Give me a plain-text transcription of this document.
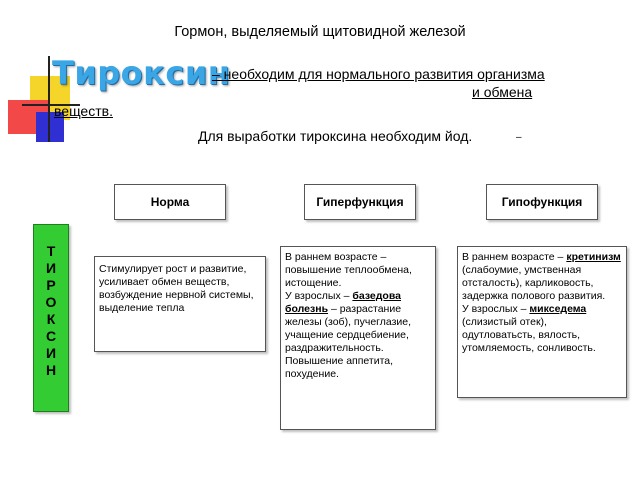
Гормон, выделяемый щитовидной железой
Тироксин
– необходим для нормального развития организма
и обмена
веществ.
Для выработки тироксина необходим йод.	–
Норма	Гиперфункция	Гипофункция
Т
И
Р
О
К
С
И
Н
Стимулирует рост и развитие, усиливает обмен веществ, возбуждение нервной системы, выделение тепла
В раннем возрасте – повышение теплообмена, истощение.
У взрослых – базедова болезнь – разрастание железы (зоб), пучеглазие, учащение сердцебиение, раздражительность.
Повышение аппетита, похудение.
В раннем возрасте – кретинизм (слабоумие, умственная отсталость), карликовость, задержка полового развития.
У взрослых – микседема (слизистый отек), одутловатьсть, вялость, утомляемость, сонливость.
